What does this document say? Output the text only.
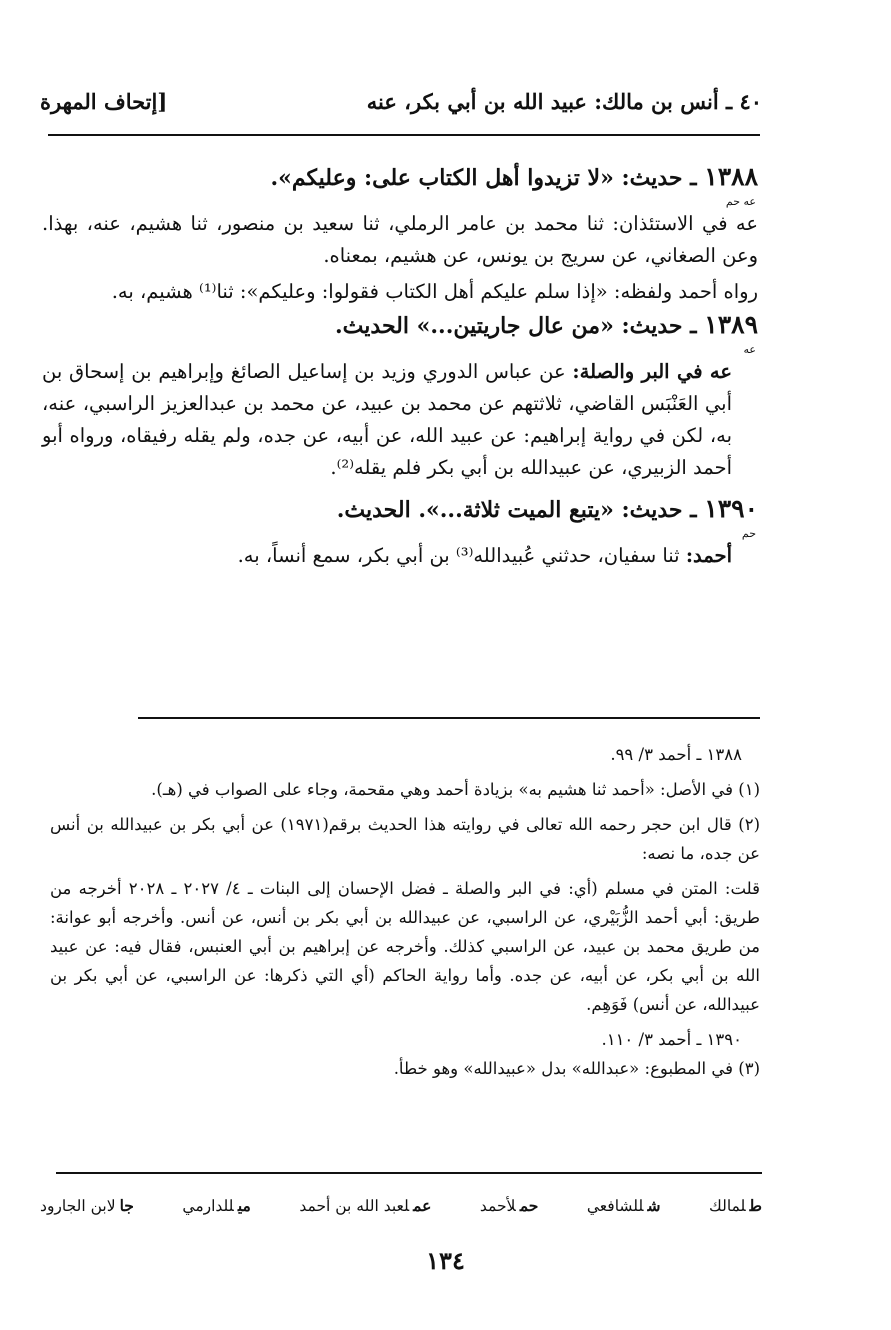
٤٠ ـ أنس بن مالك: عبيد الله بن أبي بكر، عنه
[إتحاف المهرة

١٣٨٨ ـ حديث: «لا تزيدوا أهل الكتاب على: وعليكم».

عه حم

عه في الاستئذان: ثنا محمد بن عامر الرملي، ثنا سعيد بن منصور، ثنا هشيم، عنه، بهذا. وعن الصغاني، عن سريج بن يونس، عن هشيم، بمعناه.

رواه أحمد ولفظه: «إذا سلم عليكم أهل الكتاب فقولوا: وعليكم»: ثنا⁽¹⁾ هشيم، به.

١٣٨٩ ـ حديث: «من عال جاريتين...» الحديث.

عه

عه في البر والصلة: عن عباس الدوري وزيد بن إساعيل الصائغ وإبراهيم بن إسحاق بن أبي العَنْبَس القاضي، ثلاثتهم عن محمد بن عبيد، عن محمد بن عبدالعزيز الراسبي، عنه، به، لكن في رواية إبراهيم: عن عبيد الله، عن أبيه، عن جده، ولم يقله رفيقاه، ورواه أبو أحمد الزبيري، عن عبيدالله بن أبي بكر فلم يقله⁽²⁾.

١٣٩٠ ـ حديث: «يتبع الميت ثلاثة...». الحديث.

حم

أحمد: ثنا سفيان، حدثني عُبيدالله⁽³⁾ بن أبي بكر، سمع أنساً، به.

١٣٨٨ ـ أحمد ٣/ ٩٩.

(١) في الأصل: «أحمد ثنا هشيم به» بزيادة أحمد وهي مقحمة، وجاء على الصواب في (هـ).

(٢) قال ابن حجر رحمه الله تعالى في روايته هذا الحديث برقم(١٩٧١) عن أبي بكر بن عبيدالله بن أنس عن جده، ما نصه:

قلت: المتن في مسلم (أي: في البر والصلة ـ فضل الإحسان إلى البنات ـ ٤/ ٢٠٢٧ ـ ٢٠٢٨ أخرجه من طريق: أبي أحمد الزُّبَيْري، عن الراسبي، عن عبيدالله بن أبي بكر بن أنس، عن أنس. وأخرجه أبو عوانة: من طريق محمد بن عبيد، عن الراسبي كذلك. وأخرجه عن إبراهيم بن أبي العنبس، فقال فيه: عن عبيد الله بن أبي بكر، عن أبيه، عن جده. وأما رواية الحاكم (أي التي ذكرها: عن الراسبي، عن أبي بكر بن عبيدالله، عن أنس) فَوَهِم.

١٣٩٠ ـ أحمد ٣/ ١١٠.

(٣) في المطبوع: «عبدالله» بدل «عبيدالله» وهو خطأ.

طلمالك
شللشافعي
حملأحمد
عملعبد الله بن أحمد
ميللدارمي
جالابن الجارود
١٣٤
